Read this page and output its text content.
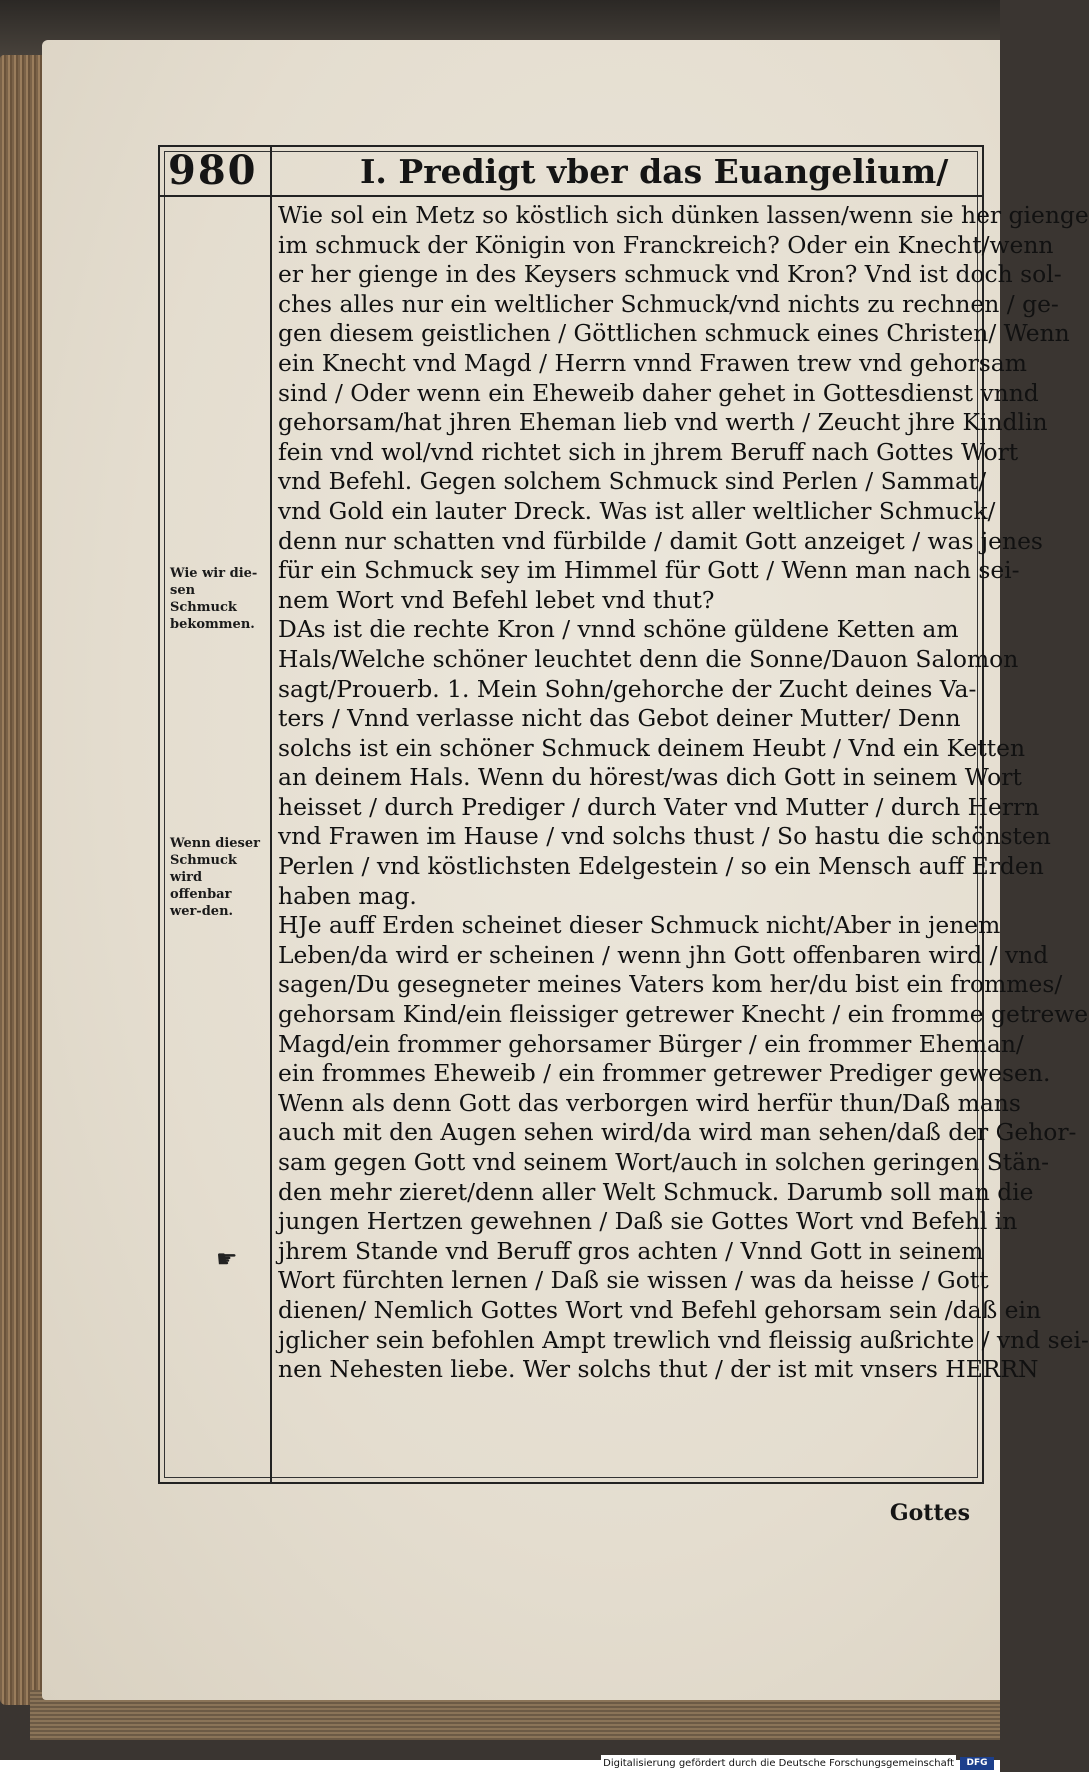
980	I. Predigt vber das Euangelium/
Wie wir die-sen Schmuck bekommen.
Wenn dieser Schmuck wird offenbar wer-den.
☛
Wie sol ein Metz so köstlich sich dünken lassen/wenn sie her gienge
im schmuck der Königin von Franckreich? Oder ein Knecht/wenn
er her gienge in des Keysers schmuck vnd Kron? Vnd ist doch sol-
ches alles nur ein weltlicher Schmuck/vnd nichts zu rechnen / ge-
gen diesem geistlichen / Göttlichen schmuck eines Christen/ Wenn
ein Knecht vnd Magd / Herrn vnnd Frawen trew vnd gehorsam
sind / Oder wenn ein Eheweib daher gehet in Gottesdienst vnnd
gehorsam/hat jhren Eheman lieb vnd werth / Zeucht jhre Kindlin
fein vnd wol/vnd richtet sich in jhrem Beruff nach Gottes Wort
vnd Befehl. Gegen solchem Schmuck sind Perlen / Sammat/
vnd Gold ein lauter Dreck. Was ist aller weltlicher Schmuck/
denn nur schatten vnd fürbilde / damit Gott anzeiget / was jenes
für ein Schmuck sey im Himmel für Gott / Wenn man nach sei-
nem Wort vnd Befehl lebet vnd thut?
DAs ist die rechte Kron / vnnd schöne güldene Ketten am
Hals/Welche schöner leuchtet denn die Sonne/Dauon Salomon
sagt/Prouerb. 1. Mein Sohn/gehorche der Zucht deines Va-
ters / Vnnd verlasse nicht das Gebot deiner Mutter/ Denn
solchs ist ein schöner Schmuck deinem Heubt / Vnd ein Ketten
an deinem Hals. Wenn du hörest/was dich Gott in seinem Wort
heisset / durch Prediger / durch Vater vnd Mutter / durch Herrn
vnd Frawen im Hause / vnd solchs thust / So hastu die schönsten
Perlen / vnd köstlichsten Edelgestein / so ein Mensch auff Erden
haben mag.
HJe auff Erden scheinet dieser Schmuck nicht/Aber in jenem
Leben/da wird er scheinen / wenn jhn Gott offenbaren wird / vnd
sagen/Du gesegneter meines Vaters kom her/du bist ein frommes/
gehorsam Kind/ein fleissiger getrewer Knecht / ein fromme getrewe
Magd/ein frommer gehorsamer Bürger / ein frommer Eheman/
ein frommes Eheweib / ein frommer getrewer Prediger gewesen.
Wenn als denn Gott das verborgen wird herfür thun/Daß mans
auch mit den Augen sehen wird/da wird man sehen/daß der Gehor-
sam gegen Gott vnd seinem Wort/auch in solchen geringen Stän-
den mehr zieret/denn aller Welt Schmuck. Darumb soll man die
jungen Hertzen gewehnen / Daß sie Gottes Wort vnd Befehl in
jhrem Stande vnd Beruff gros achten / Vnnd Gott in seinem
Wort fürchten lernen / Daß sie wissen / was da heisse / Gott
dienen/ Nemlich Gottes Wort vnd Befehl gehorsam sein /daß ein
jglicher sein befohlen Ampt trewlich vnd fleissig außrichte / vnd sei-
nen Nehesten liebe. Wer solchs thut / der ist mit vnsers HERRN
Gottes
Digitalisierung gefördert durch die Deutsche Forschungsgemeinschaft	DFG
